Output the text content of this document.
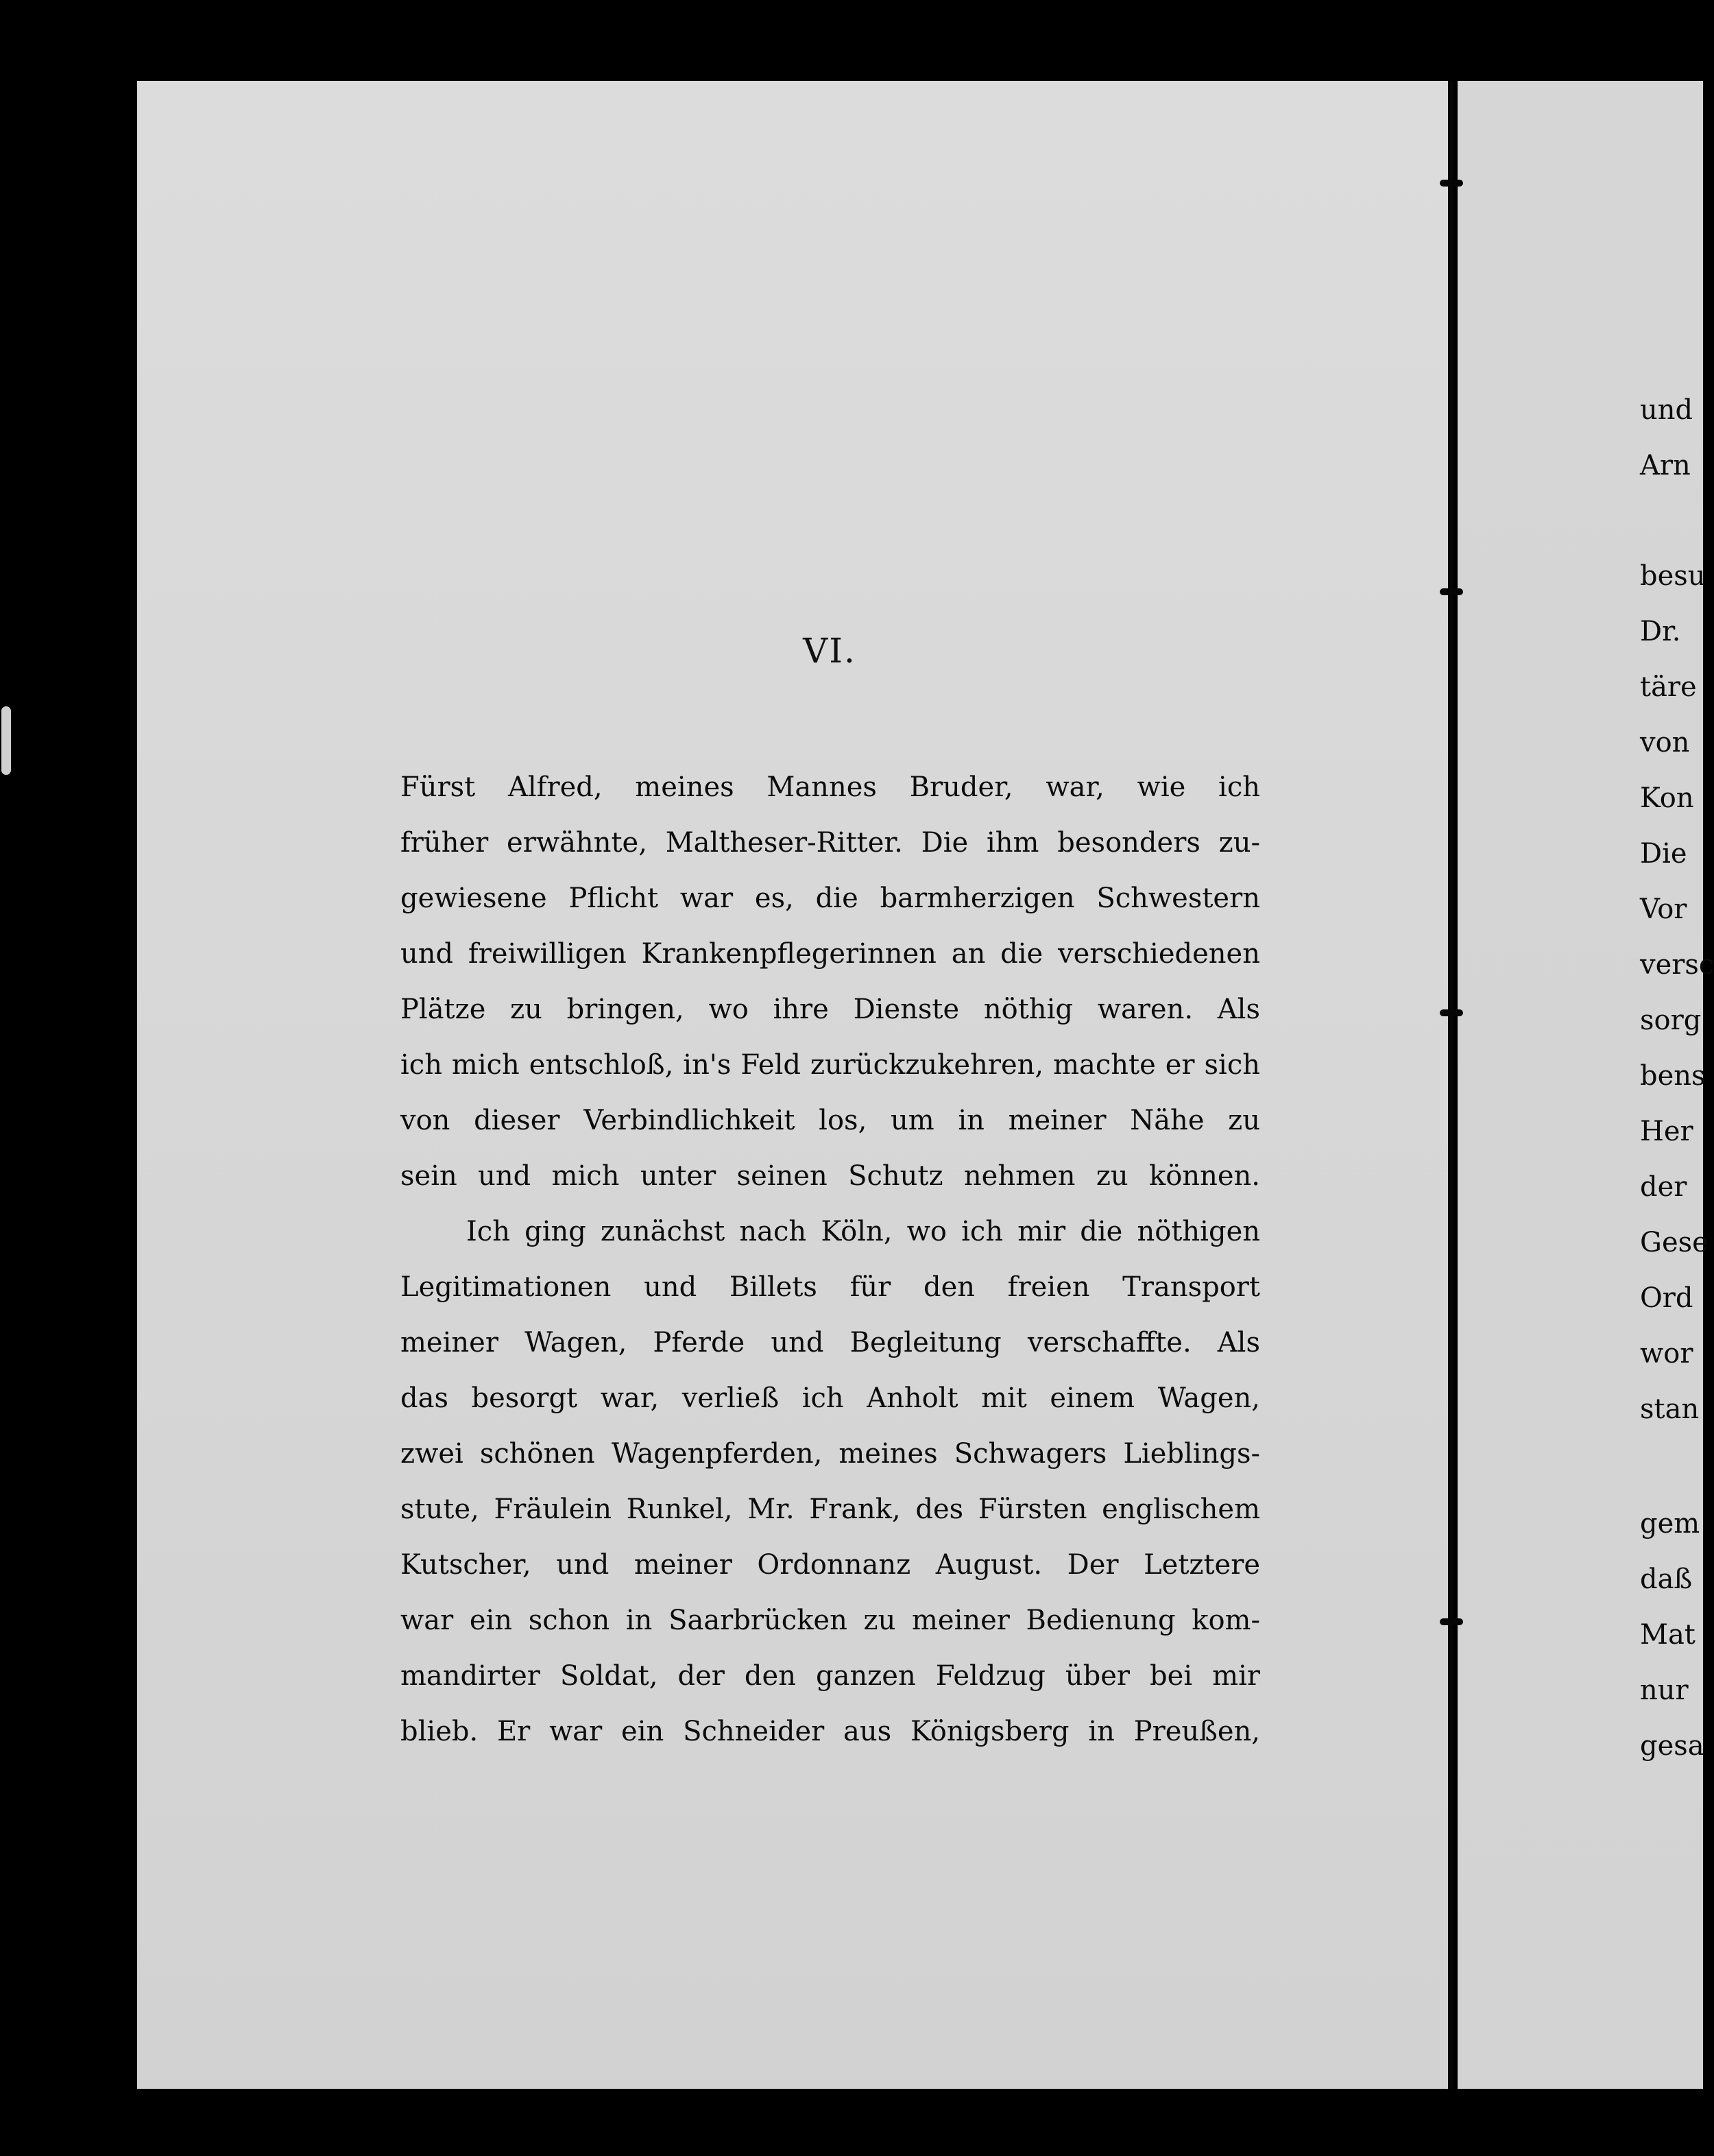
VI.
Fürst Alfred, meines Mannes Bruder, war, wie ich
früher erwähnte, Maltheser-Ritter. Die ihm besonders zu-
gewiesene Pflicht war es, die barmherzigen Schwestern
und freiwilligen Krankenpflegerinnen an die verschiedenen
Plätze zu bringen, wo ihre Dienste nöthig waren. Als
ich mich entschloß, in's Feld zurückzukehren, machte er sich
von dieser Verbindlichkeit los, um in meiner Nähe zu
sein und mich unter seinen Schutz nehmen zu können.
Ich ging zunächst nach Köln, wo ich mir die nöthigen
Legitimationen und Billets für den freien Transport
meiner Wagen, Pferde und Begleitung verschaffte. Als
das besorgt war, verließ ich Anholt mit einem Wagen,
zwei schönen Wagenpferden, meines Schwagers Lieblings-
stute, Fräulein Runkel, Mr. Frank, des Fürsten englischem
Kutscher, und meiner Ordonnanz August. Der Letztere
war ein schon in Saarbrücken zu meiner Bedienung kom-
mandirter Soldat, der den ganzen Feldzug über bei mir
blieb. Er war ein Schneider aus Königsberg in Preußen,
und
Arn
besu
Dr.
täre
von
Kon
Die
Vor
versc
sorg
bens
Her
der
Gese
Ord
wor
stan
gem
daß
Mat
nur
gesa
